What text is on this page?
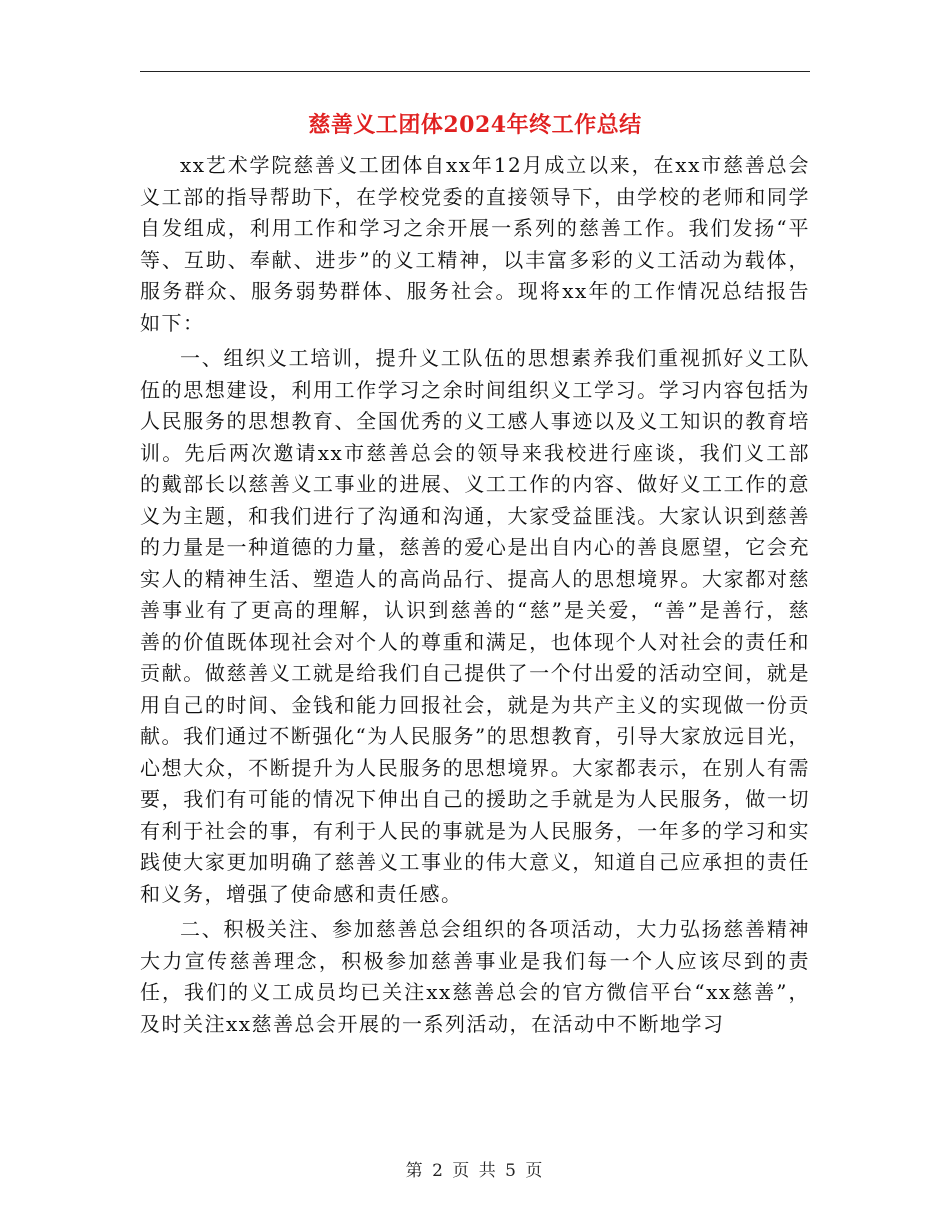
慈善义工团体2024年终工作总结

xx艺术学院慈善义工团体自xx年12月成立以来，在xx市慈善总会义工部的指导帮助下，在学校党委的直接领导下，由学校的老师和同学自发组成，利用工作和学习之余开展一系列的慈善工作。我们发扬“平等、互助、奉献、进步”的义工精神，以丰富多彩的义工活动为载体，服务群众、服务弱势群体、服务社会。现将xx年的工作情况总结报告如下：

一、组织义工培训，提升义工队伍的思想素养我们重视抓好义工队伍的思想建设，利用工作学习之余时间组织义工学习。学习内容包括为人民服务的思想教育、全国优秀的义工感人事迹以及义工知识的教育培训。先后两次邀请xx市慈善总会的领导来我校进行座谈，我们义工部的戴部长以慈善义工事业的进展、义工工作的内容、做好义工工作的意义为主题，和我们进行了沟通和沟通，大家受益匪浅。大家认识到慈善的力量是一种道德的力量，慈善的爱心是出自内心的善良愿望，它会充实人的精神生活、塑造人的高尚品行、提高人的思想境界。大家都对慈善事业有了更高的理解，认识到慈善的“慈”是关爱，“善”是善行，慈善的价值既体现社会对个人的尊重和满足，也体现个人对社会的责任和贡献。做慈善义工就是给我们自己提供了一个付出爱的活动空间，就是用自己的时间、金钱和能力回报社会，就是为共产主义的实现做一份贡献。我们通过不断强化“为人民服务”的思想教育，引导大家放远目光，心想大众，不断提升为人民服务的思想境界。大家都表示，在别人有需要，我们有可能的情况下伸出自己的援助之手就是为人民服务，做一切有利于社会的事，有利于人民的事就是为人民服务，一年多的学习和实践使大家更加明确了慈善义工事业的伟大意义，知道自己应承担的责任和义务，增强了使命感和责任感。

二、积极关注、参加慈善总会组织的各项活动，大力弘扬慈善精神大力宣传慈善理念，积极参加慈善事业是我们每一个人应该尽到的责任，我们的义工成员均已关注xx慈善总会的官方微信平台“xx慈善”，及时关注xx慈善总会开展的一系列活动，在活动中不断地学习

第 2 页 共 5 页
